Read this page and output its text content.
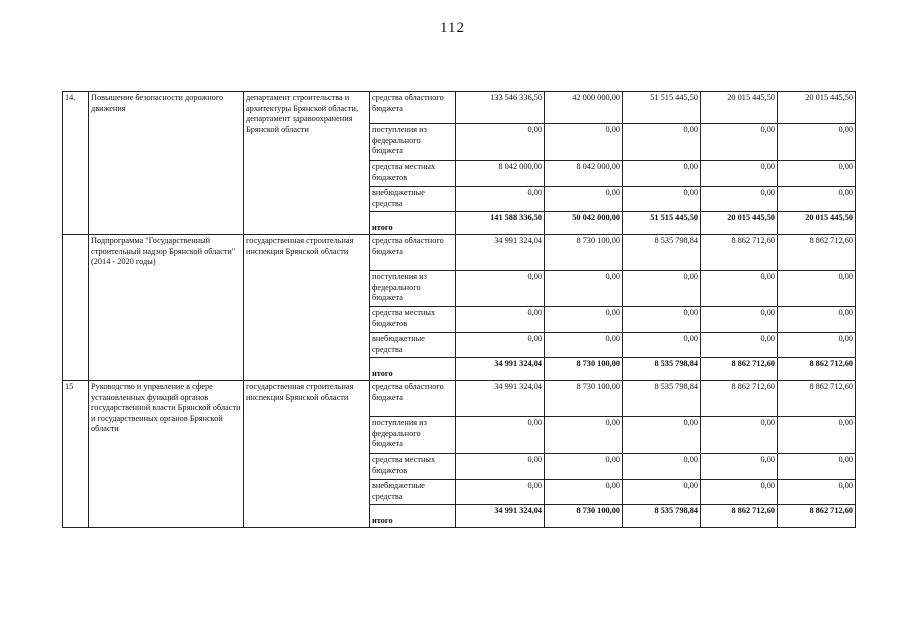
112
14.	Повышение безопасности дорожного движения	департамент строительства и архитектуры Брянской области, департамент здравоохранения Брянской области	средства областного бюджета	133 546 336,50	42 000 000,00	51 515 445,50	20 015 445,50	20 015 445,50
			поступления из федерального бюджета	0,00	0,00	0,00	0,00	0,00
			средства местных бюджетов	8 042 000,00	8 042 000,00	0,00	0,00	0,00
			внебюджетные средства	0,00	0,00	0,00	0,00	0,00
			итого	141 588 336,50	50 042 000,00	51 515 445,50	20 015 445,50	20 015 445,50
	Подпрограмма "Государственный строительный надзор Брянской области" (2014 - 2020 годы)	государственная строительная инспекция Брянской области	средства областного бюджета	34 991 324,04	8 730 100,00	8 535 798,84	8 862 712,60	8 862 712,60
			поступления из федерального бюджета	0,00	0,00	0,00	0,00	0,00
			средства местных бюджетов	0,00	0,00	0,00	0,00	0,00
			внебюджетные средства	0,00	0,00	0,00	0,00	0,00
			итого	34 991 324,04	8 730 100,00	8 535 798,84	8 862 712,60	8 862 712,60
15	Руководство и управление в сфере установленных функций органов государственной власти Брянской области и государственных органов Брянской области	государственная строительная инспекция Брянской области	средства областного бюджета	34 991 324,04	8 730 100,00	8 535 798,84	8 862 712,60	8 862 712,60
			поступления из федерального бюджета	0,00	0,00	0,00	0,00	0,00
			средства местных бюджетов	0,00	0,00	0,00	0,00	0,00
			внебюджетные средства	0,00	0,00	0,00	0,00	0,00
			итого	34 991 324,04	8 730 100,00	8 535 798,84	8 862 712,60	8 862 712,60
